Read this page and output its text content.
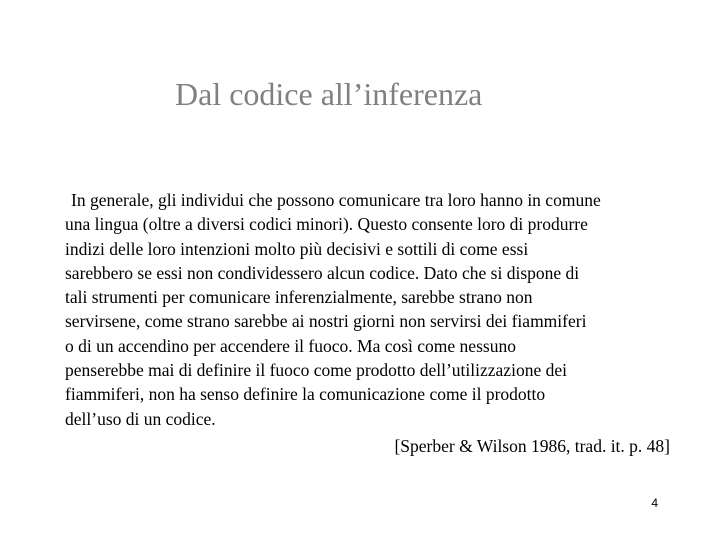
Dal codice all’inferenza
In generale, gli individui che possono comunicare tra loro hanno in comune
una lingua (oltre a diversi codici minori). Questo consente loro di produrre
indizi delle loro intenzioni molto più decisivi e sottili di come essi
sarebbero se essi non condividessero alcun codice. Dato che si dispone di
tali strumenti per comunicare inferenzialmente, sarebbe strano non
servirsene, come strano sarebbe ai nostri giorni non servirsi dei fiammiferi
o di un accendino per accendere il fuoco. Ma così come nessuno
penserebbe mai di definire il fuoco come prodotto dell’utilizzazione dei
fiammiferi, non ha senso definire la comunicazione come il prodotto
dell’uso di un codice.
[Sperber & Wilson 1986, trad. it. p. 48]
4
